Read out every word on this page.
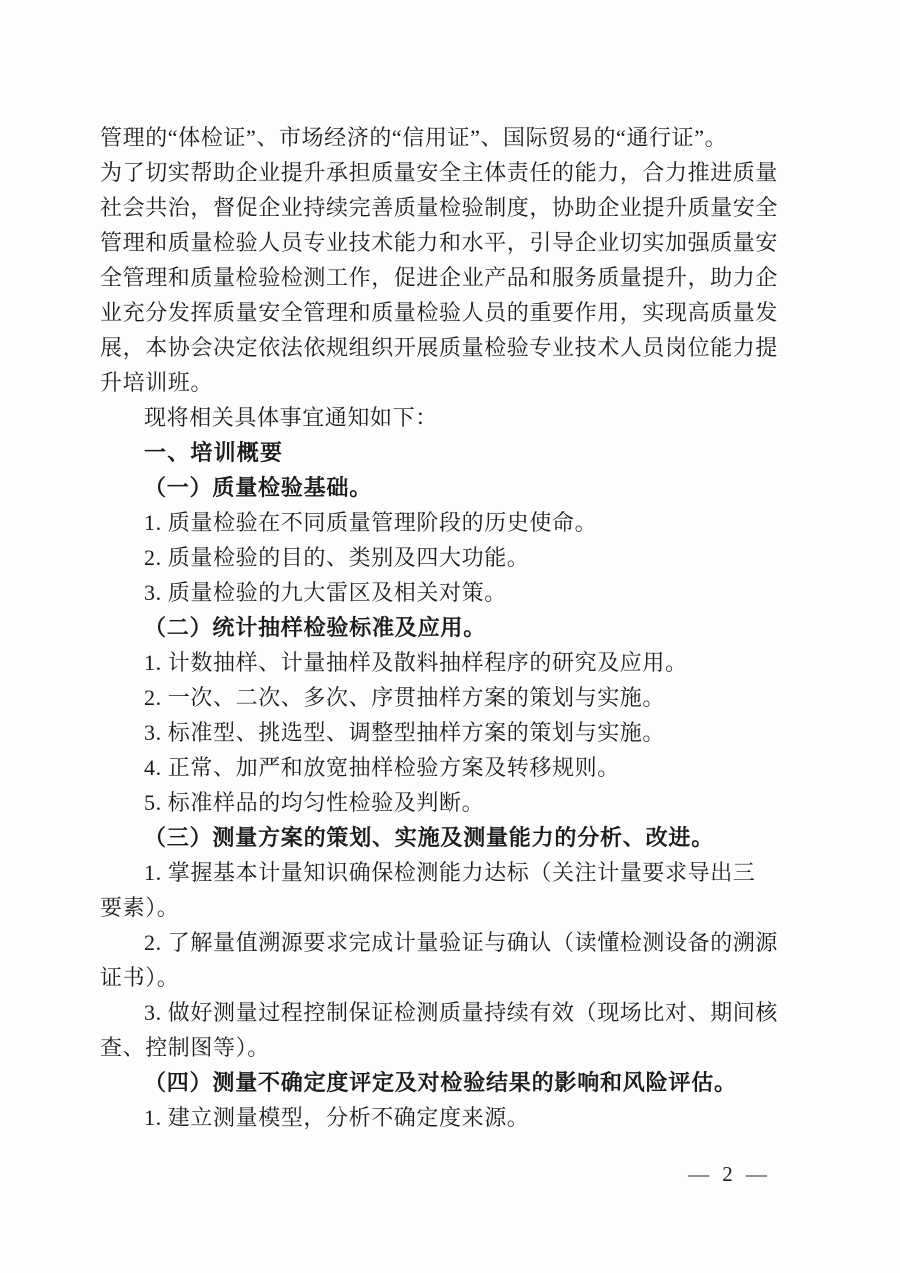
管理的“体检证”、市场经济的“信用证”、国际贸易的“通行证”。

为了切实帮助企业提升承担质量安全主体责任的能力，合力推进质量

社会共治，督促企业持续完善质量检验制度，协助企业提升质量安全

管理和质量检验人员专业技术能力和水平，引导企业切实加强质量安

全管理和质量检验检测工作，促进企业产品和服务质量提升，助力企

业充分发挥质量安全管理和质量检验人员的重要作用，实现高质量发

展，本协会决定依法依规组织开展质量检验专业技术人员岗位能力提

升培训班。

现将相关具体事宜通知如下：

一、培训概要

（一）质量检验基础。

1. 质量检验在不同质量管理阶段的历史使命。

2. 质量检验的目的、类别及四大功能。

3. 质量检验的九大雷区及相关对策。

（二）统计抽样检验标准及应用。

1. 计数抽样、计量抽样及散料抽样程序的研究及应用。

2. 一次、二次、多次、序贯抽样方案的策划与实施。

3. 标准型、挑选型、调整型抽样方案的策划与实施。

4. 正常、加严和放宽抽样检验方案及转移规则。

5. 标准样品的均匀性检验及判断。

（三）测量方案的策划、实施及测量能力的分析、改进。

1. 掌握基本计量知识确保检测能力达标（关注计量要求导出三

要素）。

2. 了解量值溯源要求完成计量验证与确认（读懂检测设备的溯源

证书）。

3. 做好测量过程控制保证检测质量持续有效（现场比对、期间核

查、控制图等）。

（四）测量不确定度评定及对检验结果的影响和风险评估。

1. 建立测量模型，分析不确定度来源。

— 2 —
